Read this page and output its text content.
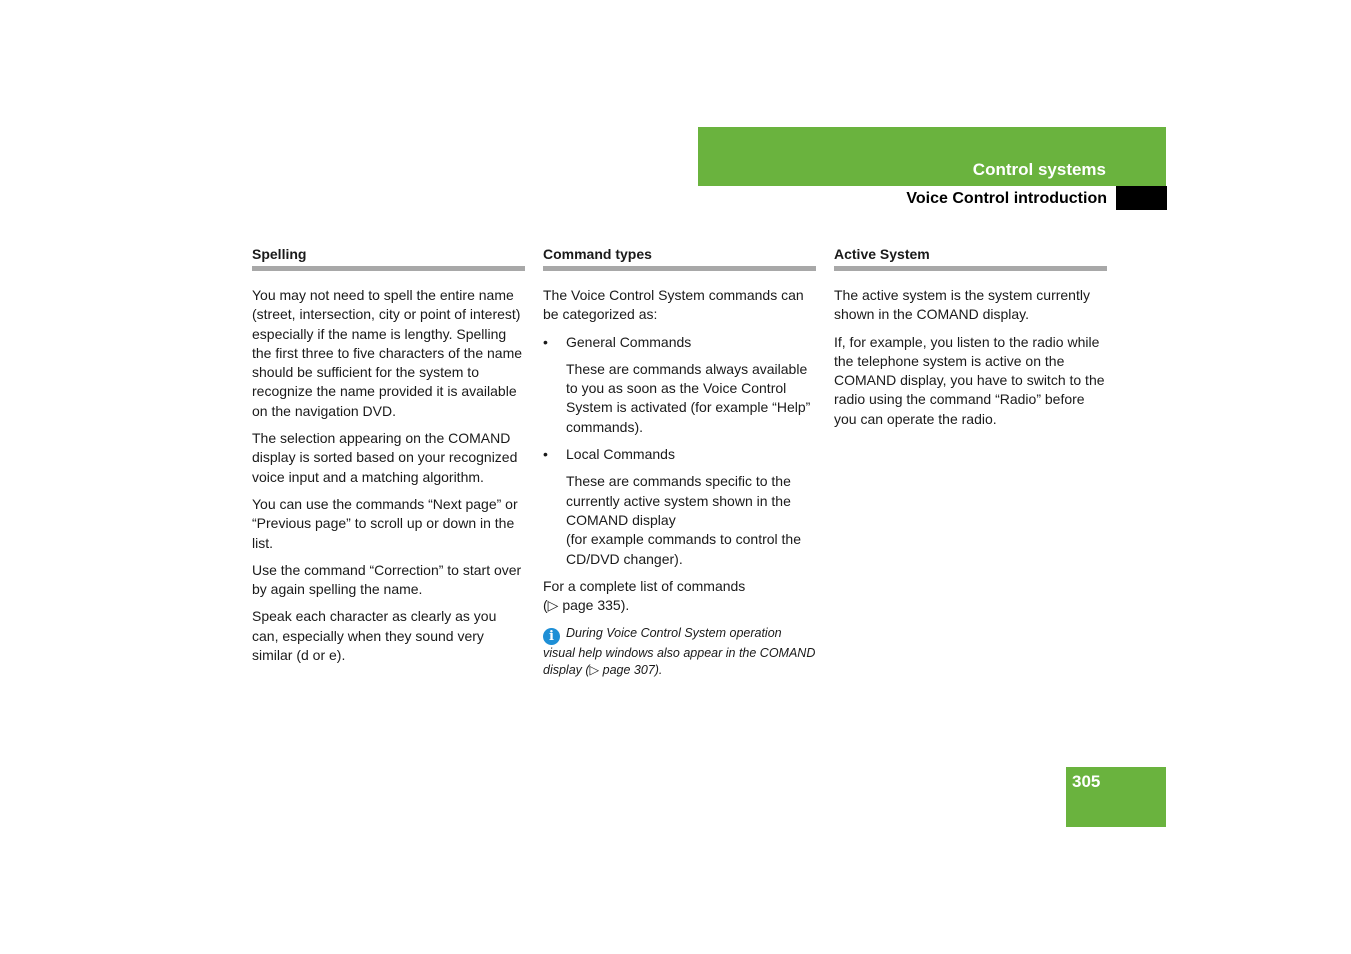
Control systems
Voice Control introduction
Spelling

You may not need to spell the entire name (street, intersection, city or point of interest) especially if the name is lengthy. Spelling the first three to five characters of the name should be sufficient for the system to recognize the name provided it is available on the navigation DVD.

The selection appearing on the COMAND display is sorted based on your recognized voice input and a matching algorithm.

You can use the commands “Next page” or “Previous page” to scroll up or down in the list.

Use the command “Correction” to start over by again spelling the name.

Speak each character as clearly as you can, especially when they sound very similar (d or e).

Command types

The Voice Control System commands can be categorized as:

• General Commands

These are commands always available to you as soon as the Voice Control System is activated (for example “Help” commands).

• Local Commands

These are commands specific to the currently active system shown in the COMAND display

(for example commands to control the CD/DVD changer).

For a complete list of commands
(▷ page 335).

i During Voice Control System operation visual help windows also appear in the COMAND display (▷ page 307).
Active System

The active system is the system currently shown in the COMAND display.

If, for example, you listen to the radio while the telephone system is active on the COMAND display, you have to switch to the radio using the command “Radio” before you can operate the radio.

305
